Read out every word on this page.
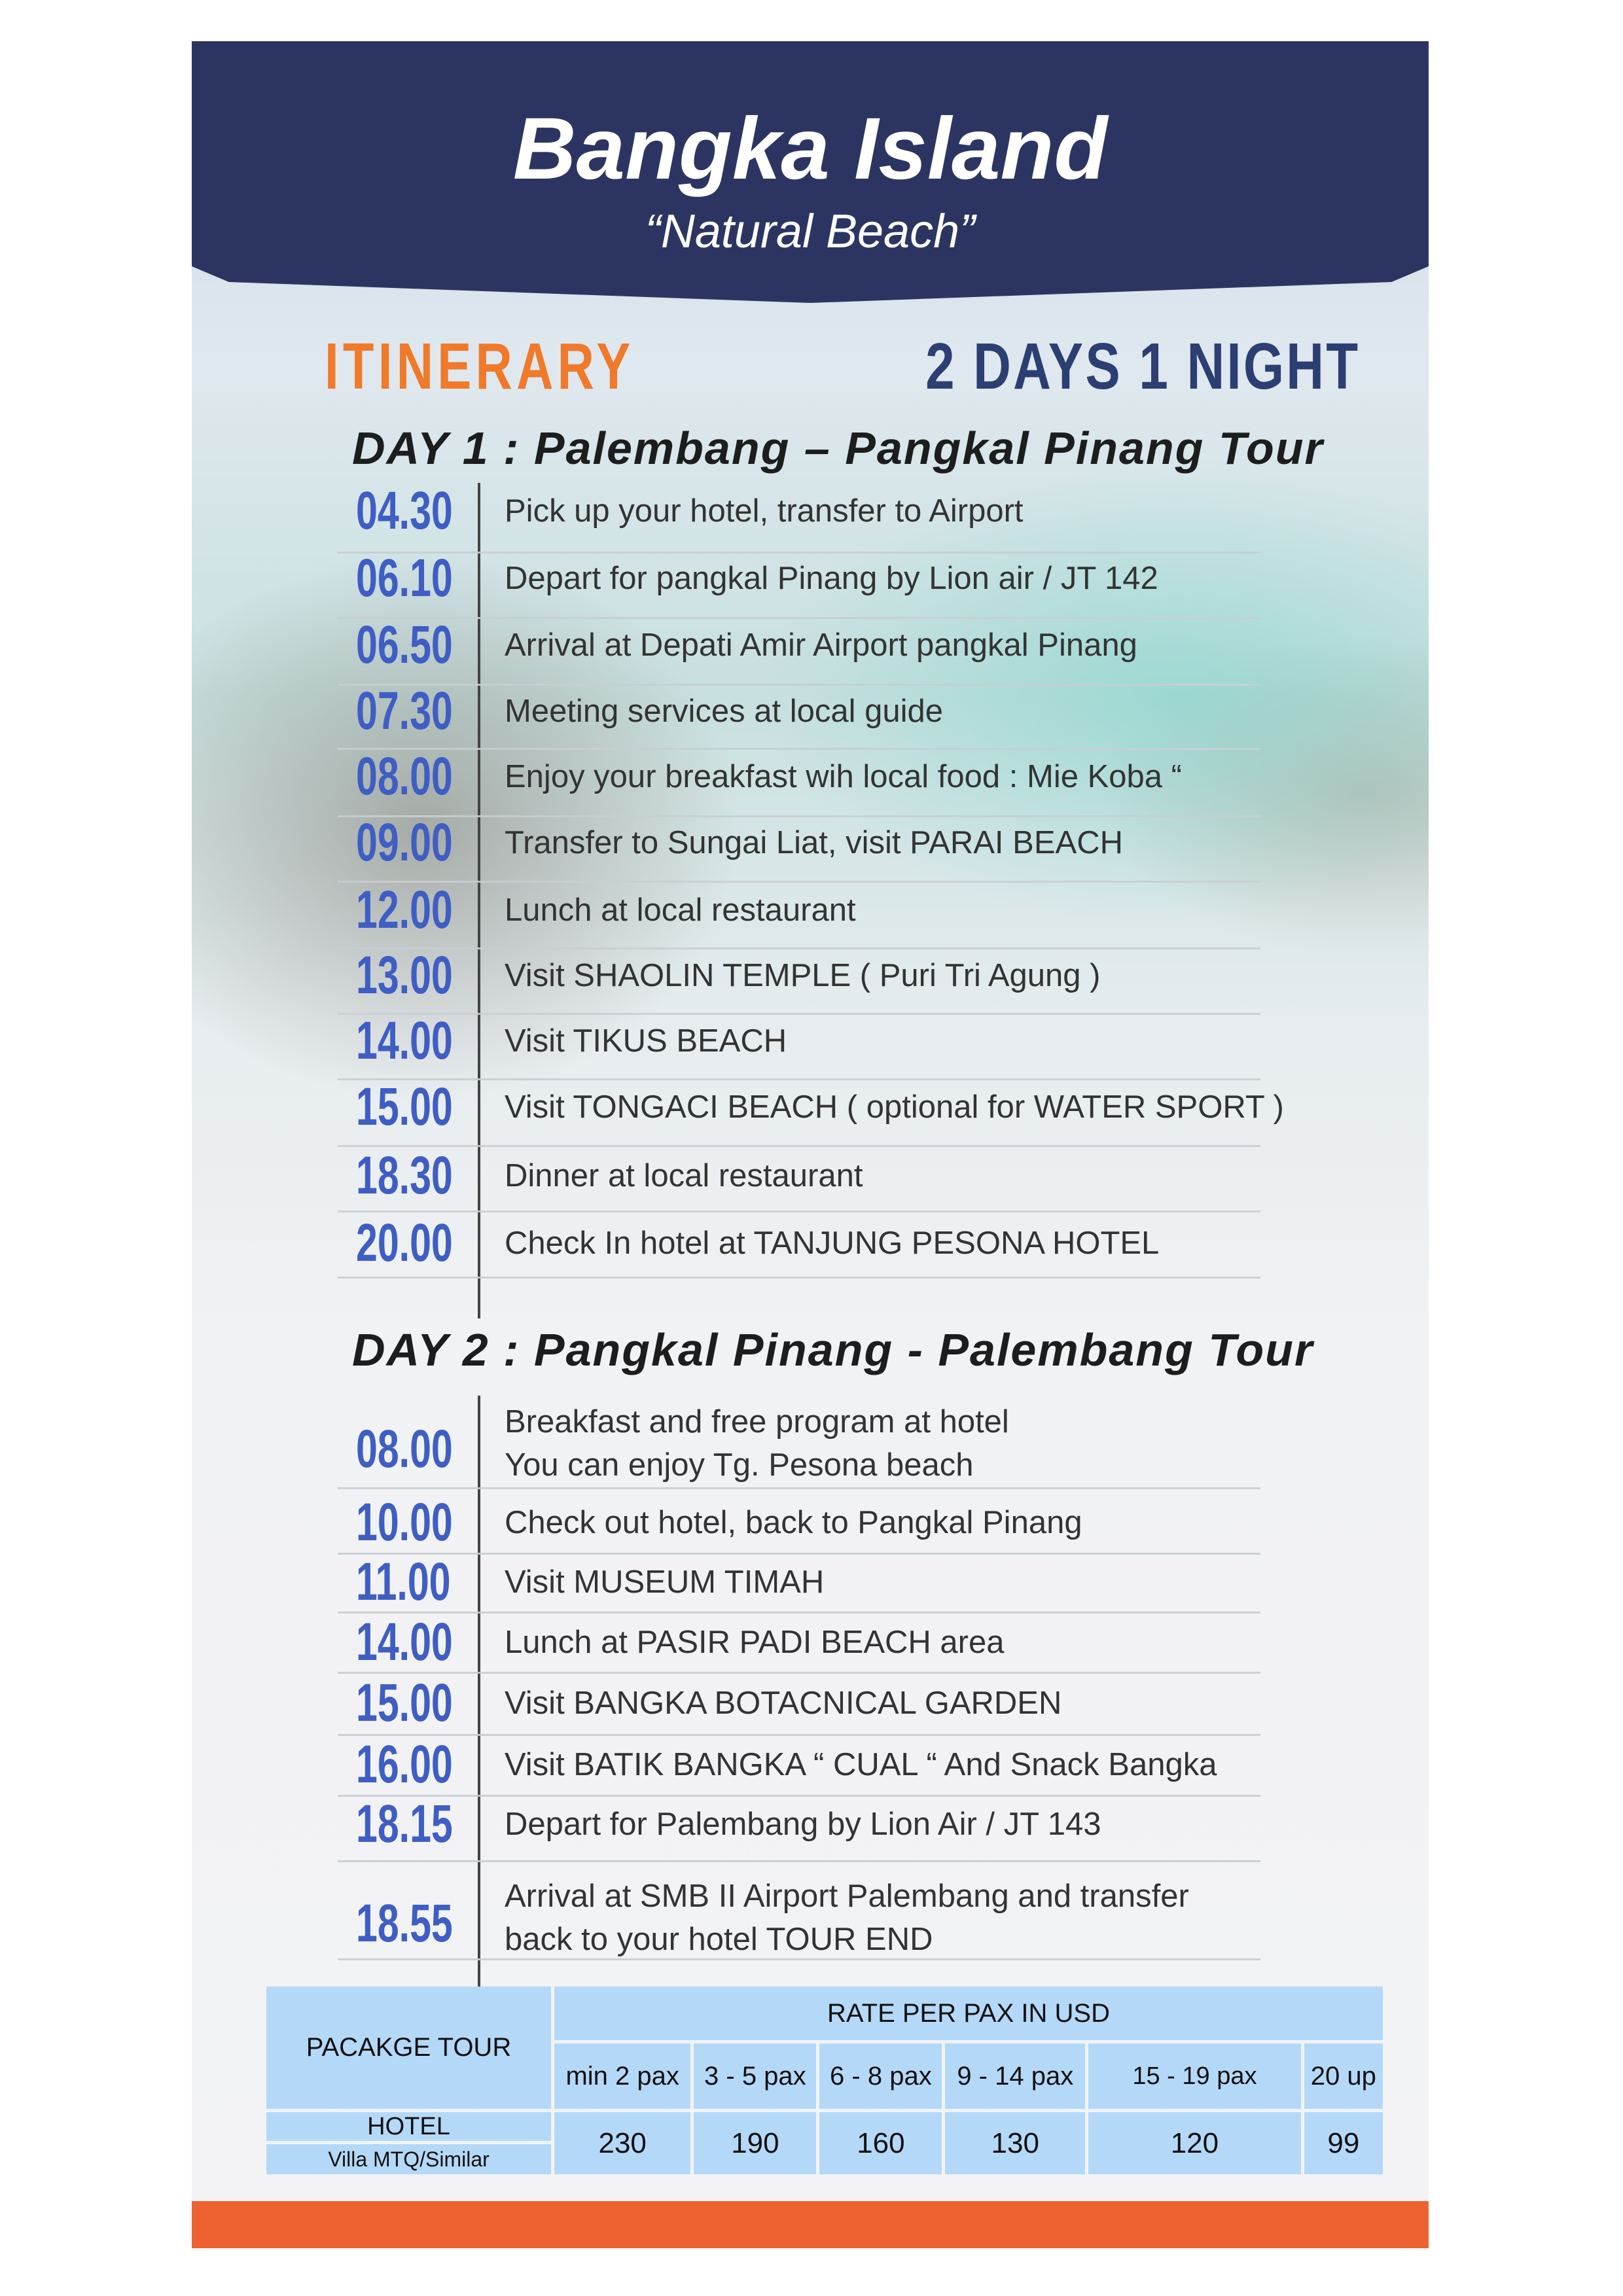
Bangka Island
“Natural Beach”
ITINERARY	2 DAYS 1 NIGHT
DAY 1 : Palembang – Pangkal Pinang Tour
04.30 Pick up your hotel, transfer to Airport
06.10 Depart for pangkal Pinang by Lion air / JT 142
06.50 Arrival at Depati Amir Airport pangkal Pinang
07.30 Meeting services at local guide
08.00 Enjoy your breakfast wih local food : Mie Koba “
09.00 Transfer to Sungai Liat, visit PARAI BEACH
12.00 Lunch at local restaurant
13.00 Visit SHAOLIN TEMPLE ( Puri Tri Agung )
14.00 Visit TIKUS BEACH
15.00 Visit TONGACI BEACH ( optional for WATER SPORT )
18.30 Dinner at local restaurant
20.00 Check In hotel at TANJUNG PESONA HOTEL
DAY 2 : Pangkal Pinang - Palembang Tour
08.00 Breakfast and free program at hotel
You can enjoy Tg. Pesona beach
10.00 Check out hotel, back to Pangkal Pinang
11.00 Visit MUSEUM TIMAH
14.00 Lunch at PASIR PADI BEACH area
15.00 Visit BANGKA BOTACNICAL GARDEN
16.00 Visit BATIK BANGKA “ CUAL “ And Snack Bangka
18.15 Depart for Palembang by Lion Air / JT 143
18.55 Arrival at SMB II Airport Palembang and transfer
back to your hotel TOUR END
PACAKGE TOUR	RATE PER PAX IN USD					
	min 2 pax	3 - 5 pax	6 - 8 pax	9 - 14 pax	15 - 19 pax	20 up
HOTEL	230	190	160	130	120	99
Villa MTQ/Similar						
